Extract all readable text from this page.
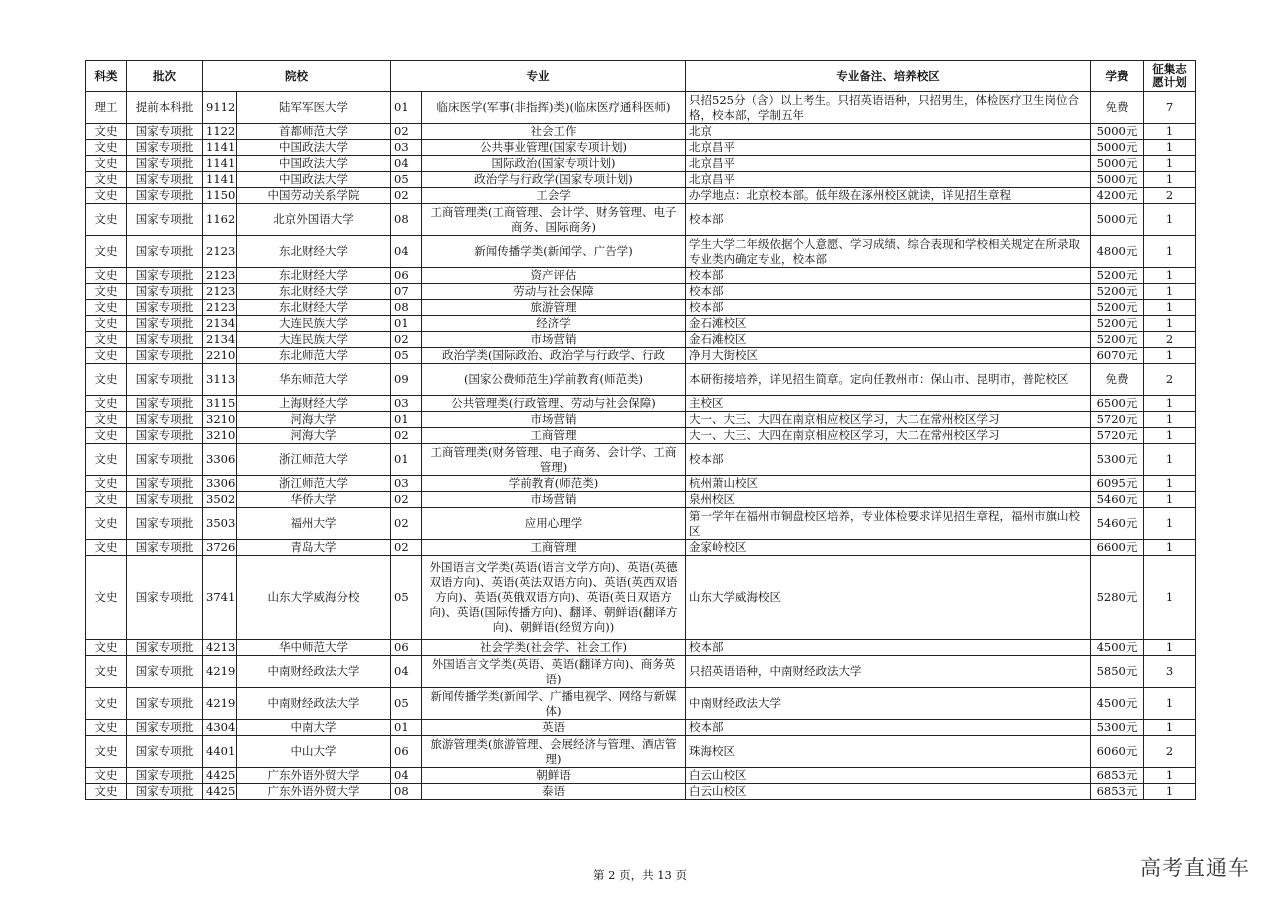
科类	批次	院校		专业		专业备注、培养校区	学费	征集志愿计划
理工	提前本科批	9112	陆军军医大学	01	临床医学(军事(非指挥)类)(临床医疗通科医师)	只招525分（含）以上考生。只招英语语种，只招男生，体检医疗卫生岗位合格，校本部，学制五年	免费	7
文史	国家专项批	1122	首都师范大学	02	社会工作	北京	5000元	1
文史	国家专项批	1141	中国政法大学	03	公共事业管理(国家专项计划)	北京昌平	5000元	1
文史	国家专项批	1141	中国政法大学	04	国际政治(国家专项计划)	北京昌平	5000元	1
文史	国家专项批	1141	中国政法大学	05	政治学与行政学(国家专项计划)	北京昌平	5000元	1
文史	国家专项批	1150	中国劳动关系学院	02	工会学	办学地点：北京校本部。低年级在涿州校区就读，详见招生章程	4200元	2
文史	国家专项批	1162	北京外国语大学	08	工商管理类(工商管理、会计学、财务管理、电子商务、国际商务)	校本部	5000元	1
文史	国家专项批	2123	东北财经大学	04	新闻传播学类(新闻学、广告学)	学生大学二年级依据个人意愿、学习成绩、综合表现和学校相关规定在所录取专业类内确定专业，校本部	4800元	1
文史	国家专项批	2123	东北财经大学	06	资产评估	校本部	5200元	1
文史	国家专项批	2123	东北财经大学	07	劳动与社会保障	校本部	5200元	1
文史	国家专项批	2123	东北财经大学	08	旅游管理	校本部	5200元	1
文史	国家专项批	2134	大连民族大学	01	经济学	金石滩校区	5200元	1
文史	国家专项批	2134	大连民族大学	02	市场营销	金石滩校区	5200元	2
文史	国家专项批	2210	东北师范大学	05	政治学类(国际政治、政治学与行政学、行政	净月大街校区	6070元	1
文史	国家专项批	3113	华东师范大学	09	(国家公费师范生)学前教育(师范类)	本研衔接培养，详见招生简章。定向任教州市：保山市、昆明市，普陀校区	免费	2
文史	国家专项批	3115	上海财经大学	03	公共管理类(行政管理、劳动与社会保障)	主校区	6500元	1
文史	国家专项批	3210	河海大学	01	市场营销	大一、大三、大四在南京相应校区学习，大二在常州校区学习	5720元	1
文史	国家专项批	3210	河海大学	02	工商管理	大一、大三、大四在南京相应校区学习，大二在常州校区学习	5720元	1
文史	国家专项批	3306	浙江师范大学	01	工商管理类(财务管理、电子商务、会计学、工商管理)	校本部	5300元	1
文史	国家专项批	3306	浙江师范大学	03	学前教育(师范类)	杭州萧山校区	6095元	1
文史	国家专项批	3502	华侨大学	02	市场营销	泉州校区	5460元	1
文史	国家专项批	3503	福州大学	02	应用心理学	第一学年在福州市铜盘校区培养，专业体检要求详见招生章程，福州市旗山校区	5460元	1
文史	国家专项批	3726	青岛大学	02	工商管理	金家岭校区	6600元	1
文史	国家专项批	3741	山东大学威海分校	05	外国语言文学类(英语(语言文学方向)、英语(英德双语方向)、英语(英法双语方向)、英语(英西双语方向)、英语(英俄双语方向)、英语(英日双语方向)、英语(国际传播方向)、翻译、朝鲜语(翻译方向)、朝鲜语(经贸方向))	山东大学威海校区	5280元	1
文史	国家专项批	4213	华中师范大学	06	社会学类(社会学、社会工作)	校本部	4500元	1
文史	国家专项批	4219	中南财经政法大学	04	外国语言文学类(英语、英语(翻译方向)、商务英语)	只招英语语种，中南财经政法大学	5850元	3
文史	国家专项批	4219	中南财经政法大学	05	新闻传播学类(新闻学、广播电视学、网络与新媒体)	中南财经政法大学	4500元	1
文史	国家专项批	4304	中南大学	01	英语	校本部	5300元	1
文史	国家专项批	4401	中山大学	06	旅游管理类(旅游管理、会展经济与管理、酒店管理)	珠海校区	6060元	2
文史	国家专项批	4425	广东外语外贸大学	04	朝鲜语	白云山校区	6853元	1
文史	国家专项批	4425	广东外语外贸大学	08	泰语	白云山校区	6853元	1
第 2 页，共 13 页	高考直通车
